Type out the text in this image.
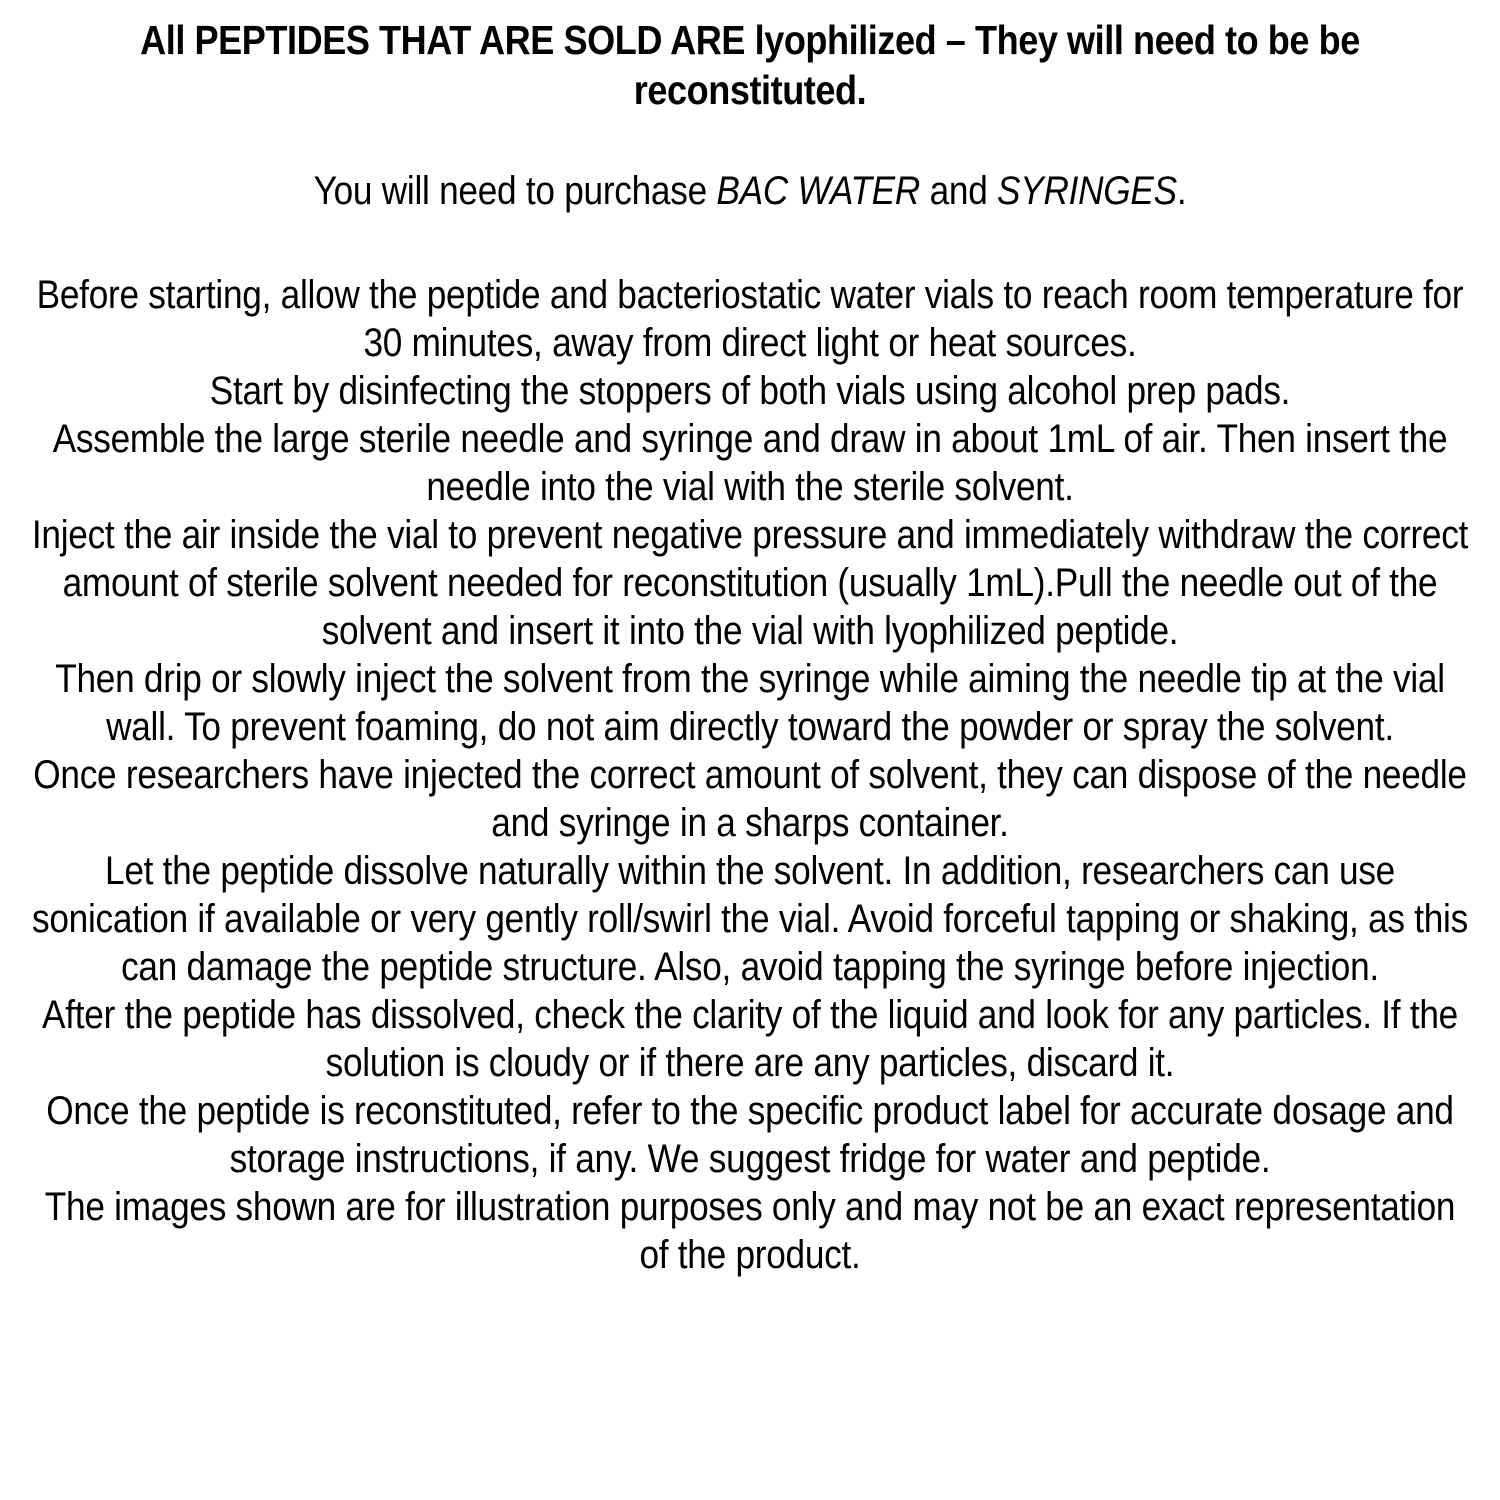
All PEPTIDES THAT ARE SOLD ARE lyophilized – They will need to be be reconstituted.

You will need to purchase BAC WATER and SYRINGES.

Before starting, allow the peptide and bacteriostatic water vials to reach room temperature for 30 minutes, away from direct light or heat sources.

Start by disinfecting the stoppers of both vials using alcohol prep pads.

Assemble the large sterile needle and syringe and draw in about 1mL of air. Then insert the needle into the vial with the sterile solvent.

Inject the air inside the vial to prevent negative pressure and immediately withdraw the correct amount of sterile solvent needed for reconstitution (usually 1mL).Pull the needle out of the solvent and insert it into the vial with lyophilized peptide.

Then drip or slowly inject the solvent from the syringe while aiming the needle tip at the vial wall. To prevent foaming, do not aim directly toward the powder or spray the solvent.

Once researchers have injected the correct amount of solvent, they can dispose of the needle and syringe in a sharps container.

Let the peptide dissolve naturally within the solvent. In addition, researchers can use sonication if available or very gently roll/swirl the vial. Avoid forceful tapping or shaking, as this can damage the peptide structure. Also, avoid tapping the syringe before injection.

After the peptide has dissolved, check the clarity of the liquid and look for any particles. If the solution is cloudy or if there are any particles, discard it.

Once the peptide is reconstituted, refer to the specific product label for accurate dosage and storage instructions, if any. We suggest fridge for water and peptide.

The images shown are for illustration purposes only and may not be an exact representation of the product.
